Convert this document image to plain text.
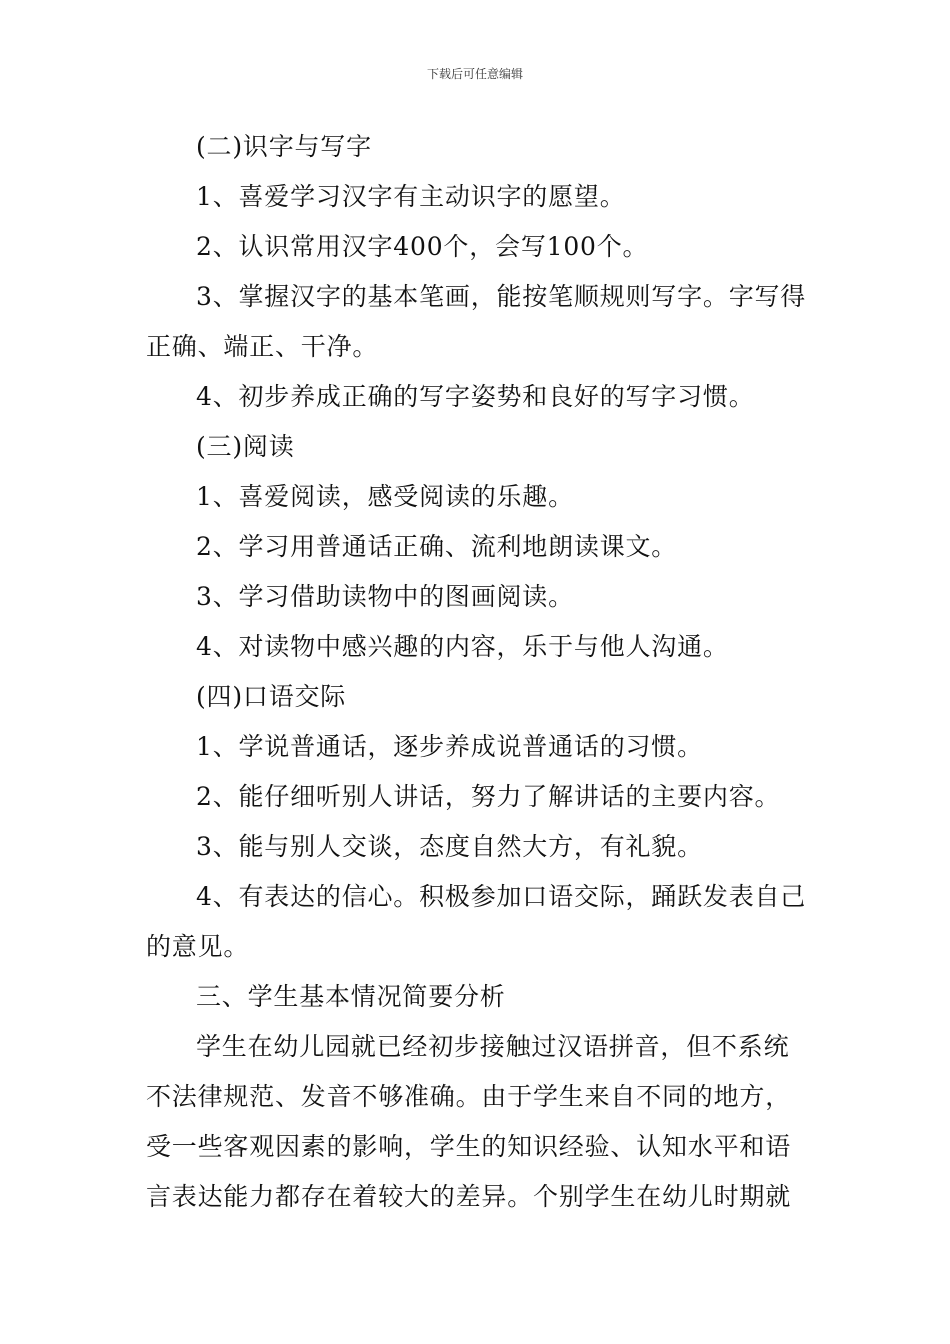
下载后可任意编辑

(二)识字与写字

1、喜爱学习汉字有主动识字的愿望。

2、认识常用汉字400个，会写100个。

3、掌握汉字的基本笔画，能按笔顺规则写字。字写得正确、端正、干净。

4、初步养成正确的写字姿势和良好的写字习惯。

(三)阅读

1、喜爱阅读，感受阅读的乐趣。

2、学习用普通话正确、流利地朗读课文。

3、学习借助读物中的图画阅读。

4、对读物中感兴趣的内容，乐于与他人沟通。

(四)口语交际

1、学说普通话，逐步养成说普通话的习惯。

2、能仔细听别人讲话，努力了解讲话的主要内容。

3、能与别人交谈，态度自然大方，有礼貌。

4、有表达的信心。积极参加口语交际，踊跃发表自己的意见。

三、学生基本情况简要分析

学生在幼儿园就已经初步接触过汉语拼音，但不系统不法律规范、发音不够准确。由于学生来自不同的地方，受一些客观因素的影响，学生的知识经验、认知水平和语言表达能力都存在着较大的差异。个别学生在幼儿时期就
